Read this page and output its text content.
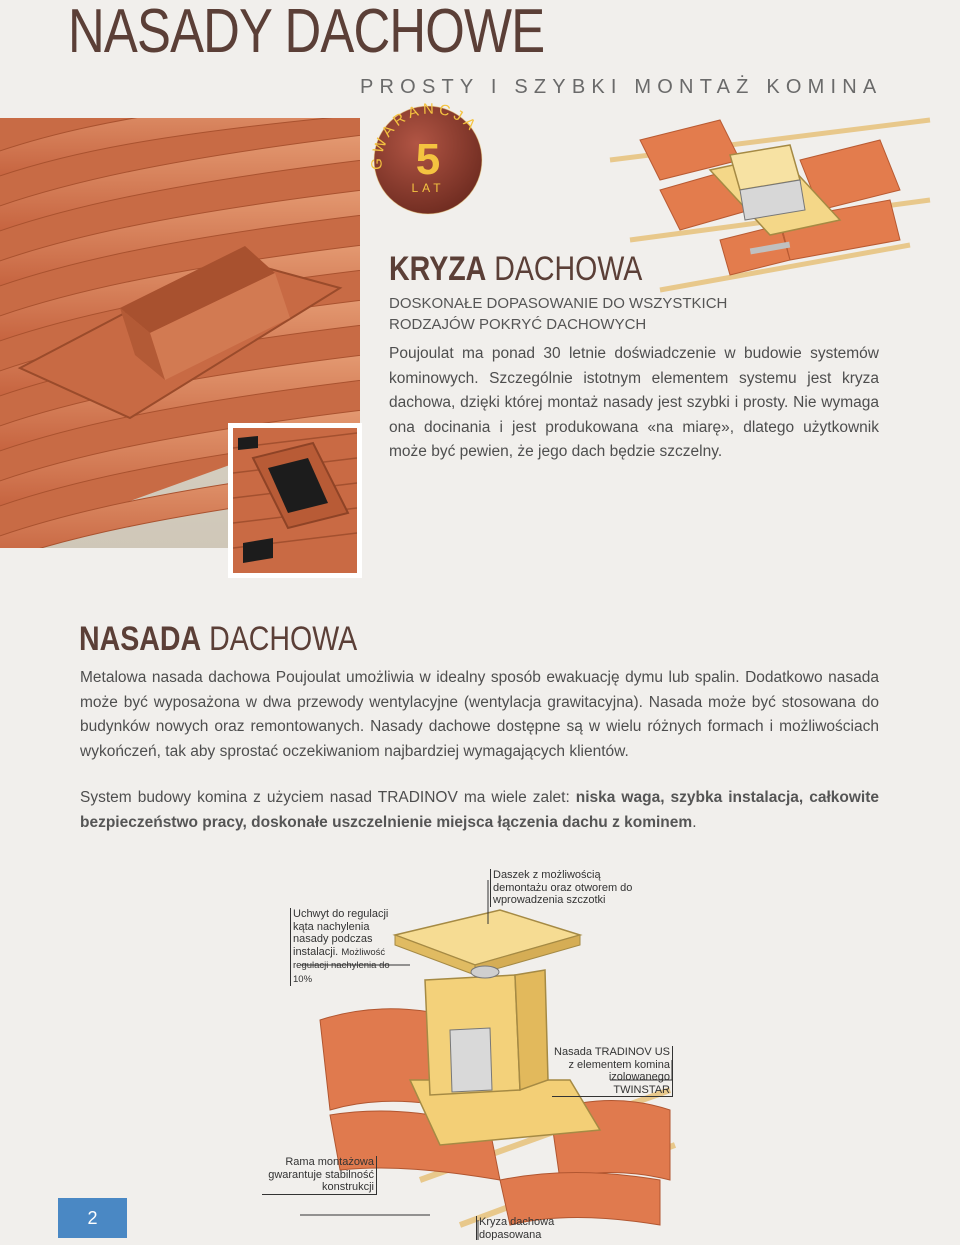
NASADY DACHOWE
PROSTY I SZYBKI MONTAŻ KOMINA
GWARANCJA
5
LAT
KRYZA DACHOWA
DOSKONAŁE DOPASOWANIE DO WSZYSTKICH RODZAJÓW POKRYĆ DACHOWYCH
Poujoulat ma ponad 30 letnie doświadczenie w budowie systemów kominowych. Szczególnie istotnym elementem systemu jest kryza dachowa, dzięki której montaż nasady jest szybki i prosty. Nie wymaga ona docinania i jest produkowana «na miarę», dlatego użytkownik może być pewien, że jego dach będzie szczelny.
NASADA DACHOWA
Metalowa nasada dachowa Poujoulat umożliwia w idealny sposób ewakuację dymu lub spalin. Dodatkowo nasada może być wyposażona w dwa przewody wentylacyjne (wentylacja grawitacyjna). Nasada może być stosowana do budynków nowych oraz remontowanych. Nasady dachowe dostępne są w wielu różnych formach i możliwościach wykończeń, tak aby sprostać oczekiwaniom najbardziej wymagających klientów.
System budowy komina z użyciem nasad TRADINOV ma wiele zalet: niska waga, szybka instalacja, całkowite bezpieczeństwo pracy, doskonałe uszczelnienie miejsca łączenia dachu z kominem.
Daszek z możliwością demontażu oraz otworem do wprowadzenia szczotki
Uchwyt do regulacji kąta nachylenia nasady podczas instalacji. Możliwość regulacji nachylenia do 10%
Nasada TRADINOV US z elementem komina izolowanego TWINSTAR
Rama montażowa gwarantuje stabilność konstrukcji
Kryza dachowa dopasowana
2
